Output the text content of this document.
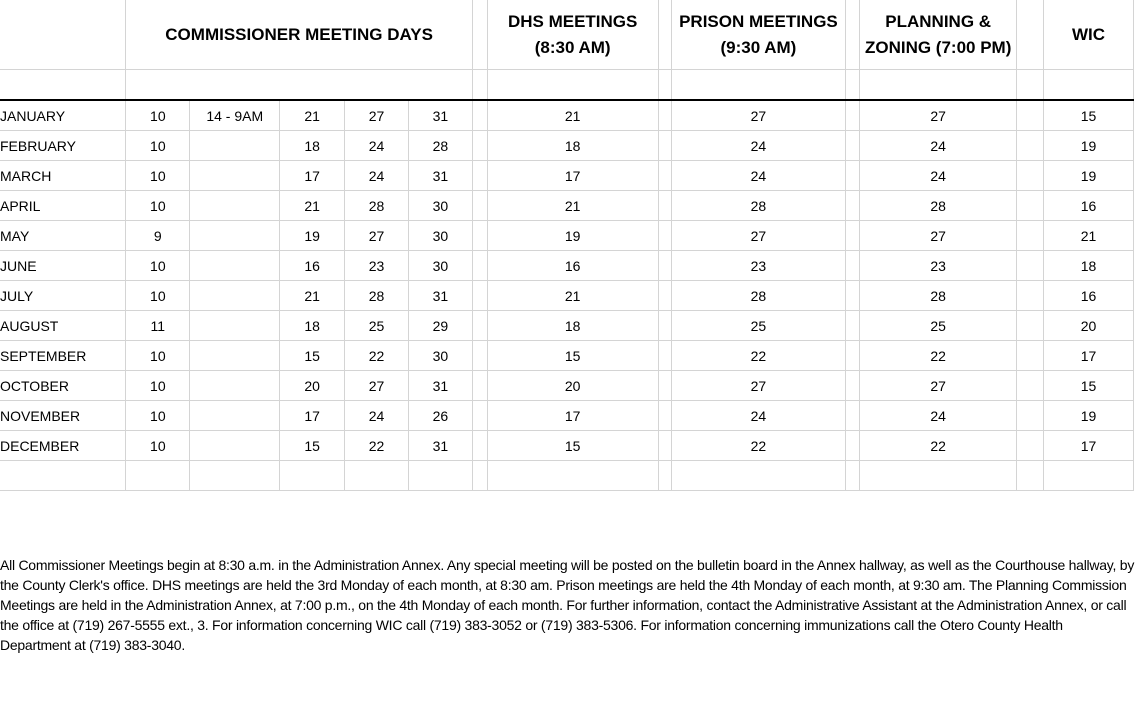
	COMMISSIONER MEETING DAYS						DHS MEETINGS (8:30 AM)		PRISON MEETINGS (9:30 AM)		PLANNING & ZONING (7:00 PM)		WIC

JANUARY	10	14 - 9AM	21	27	31		21		27		27		15
FEBRUARY	10		18	24	28		18		24		24		19
MARCH	10		17	24	31		17		24		24		19
APRIL	10		21	28	30		21		28		28		16
MAY	9		19	27	30		19		27		27		21
JUNE	10		16	23	30		16		23		23		18
JULY	10		21	28	31		21		28		28		16
AUGUST	11		18	25	29		18		25		25		20
SEPTEMBER	10		15	22	30		15		22		22		17
OCTOBER	10		20	27	31		20		27		27		15
NOVEMBER	10		17	24	26		17		24		24		19
DECEMBER	10		15	22	31		15		22		22		17

All Commissioner Meetings begin at 8:30 a.m. in the Administration Annex. Any special meeting will be posted on the bulletin board in the Annex hallway, as well as the Courthouse hallway, by the County Clerk's office. DHS meetings are held the 3rd Monday of each month, at 8:30 am. Prison meetings are held the 4th Monday of each month, at 9:30 am. The Planning Commission Meetings are held in the Administration Annex, at 7:00 p.m., on the 4th Monday of each month. For further information, contact the Administrative Assistant at the Administration Annex, or call the office at (719) 267-5555 ext., 3. For information concerning WIC call (719) 383-3052 or (719) 383-5306. For information concerning immunizations call the Otero County Health Department at (719) 383-3040.
